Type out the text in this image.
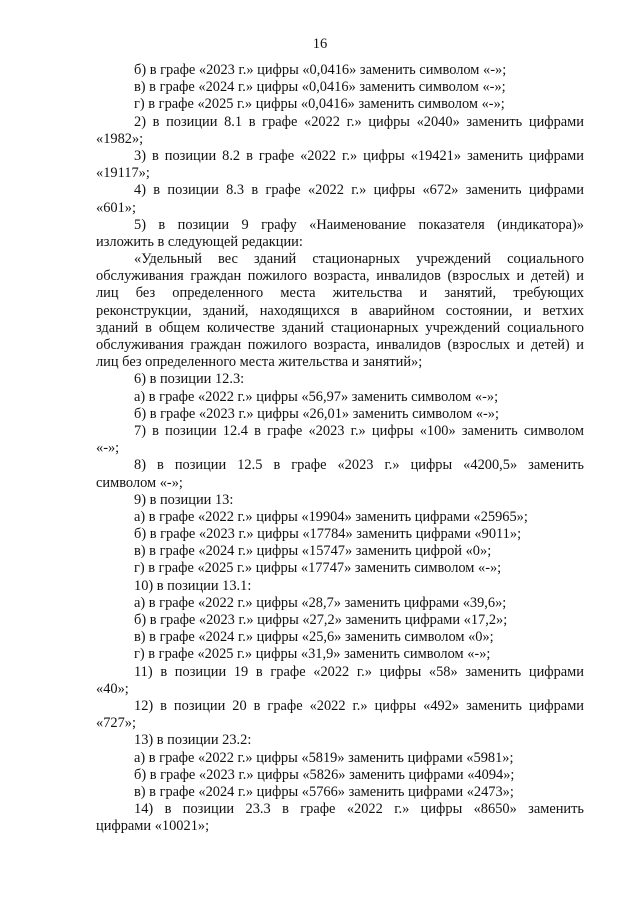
16
б) в графе «2023 г.» цифры «0,0416» заменить символом «-»;
в) в графе «2024 г.» цифры «0,0416» заменить символом «-»;
г) в графе «2025 г.» цифры «0,0416» заменить символом «-»;
2) в позиции 8.1 в графе «2022 г.» цифры «2040» заменить цифрами
«1982»;
3) в позиции 8.2 в графе «2022 г.» цифры «19421» заменить цифрами
«19117»;
4) в позиции 8.3 в графе «2022 г.» цифры «672» заменить цифрами
«601»;
5) в позиции 9 графу «Наименование показателя (индикатора)»
изложить в следующей редакции:
«Удельный вес зданий стационарных учреждений социального
обслуживания граждан пожилого возраста, инвалидов (взрослых и детей) и
лиц без определенного места жительства и занятий, требующих
реконструкции, зданий, находящихся в аварийном состоянии, и ветхих
зданий в общем количестве зданий стационарных учреждений социального
обслуживания граждан пожилого возраста, инвалидов (взрослых и детей) и
лиц без определенного места жительства и занятий»;
6) в позиции 12.3:
а) в графе «2022 г.» цифры «56,97» заменить символом «-»;
б) в графе «2023 г.» цифры «26,01» заменить символом «-»;
7) в позиции 12.4 в графе «2023 г.» цифры «100» заменить символом
«-»;
8) в позиции 12.5 в графе «2023 г.» цифры «4200,5» заменить
символом «-»;
9) в позиции 13:
а) в графе «2022 г.» цифры «19904» заменить цифрами «25965»;
б) в графе «2023 г.» цифры «17784» заменить цифрами «9011»;
в) в графе «2024 г.» цифры «15747» заменить цифрой «0»;
г) в графе «2025 г.» цифры «17747» заменить символом «-»;
10) в позиции 13.1:
а) в графе «2022 г.» цифры «28,7» заменить цифрами «39,6»;
б) в графе «2023 г.» цифры «27,2» заменить цифрами «17,2»;
в) в графе «2024 г.» цифры «25,6» заменить символом «0»;
г) в графе «2025 г.» цифры «31,9» заменить символом «-»;
11) в позиции 19 в графе «2022 г.» цифры «58» заменить цифрами
«40»;
12) в позиции 20 в графе «2022 г.» цифры «492» заменить цифрами
«727»;
13) в позиции 23.2:
а) в графе «2022 г.» цифры «5819» заменить цифрами «5981»;
б) в графе «2023 г.» цифры «5826» заменить цифрами «4094»;
в) в графе «2024 г.» цифры «5766» заменить цифрами «2473»;
14) в позиции 23.3 в графе «2022 г.» цифры «8650» заменить
цифрами «10021»;
